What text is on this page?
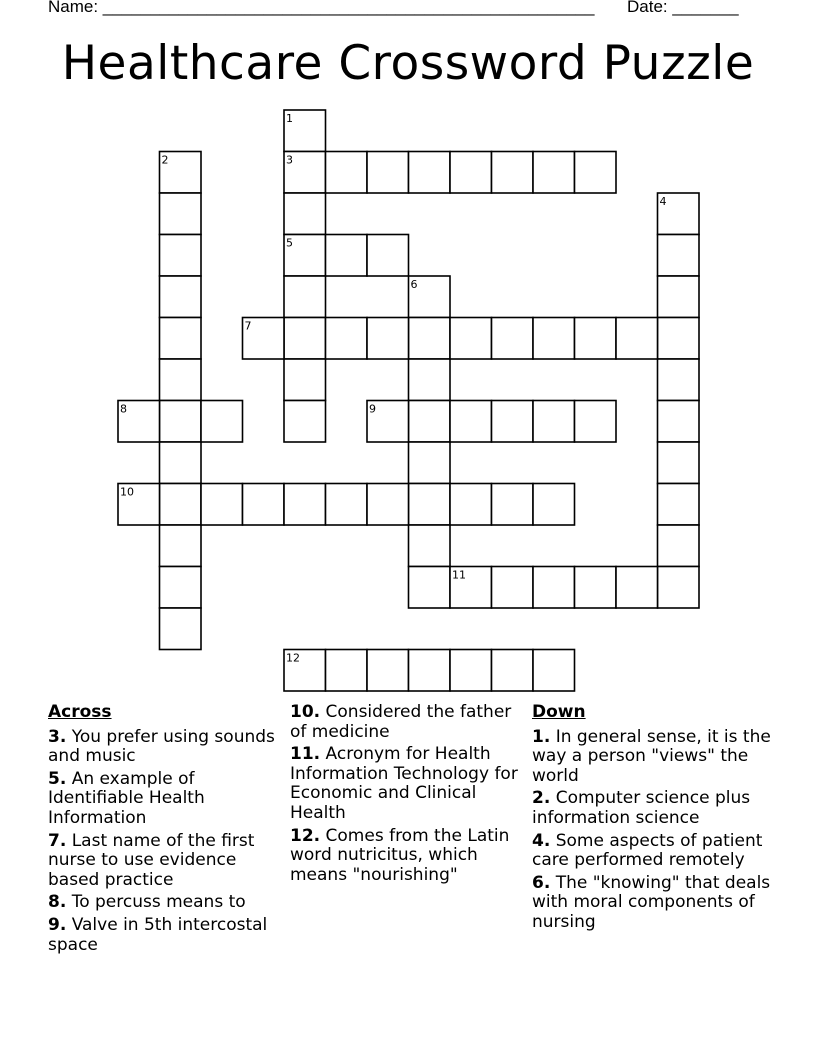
Name: ____________________________________________________ Date: _______
Healthcare Crossword Puzzle
1
2	3
4
5
6
7
8	9
10
11
12
Across
3. You prefer using sounds and music
5. An example of Identifiable Health Information
7. Last name of the first nurse to use evidence based practice
8. To percuss means to
9. Valve in 5th intercostal space
10. Considered the father of medicine
11. Acronym for Health Information Technology for Economic and Clinical Health
12. Comes from the Latin word nutricitus, which means "nourishing"
Down
1. In general sense, it is the way a person "views" the world
2. Computer science plus information science
4. Some aspects of patient care performed remotely
6. The "knowing" that deals with moral components of nursing
